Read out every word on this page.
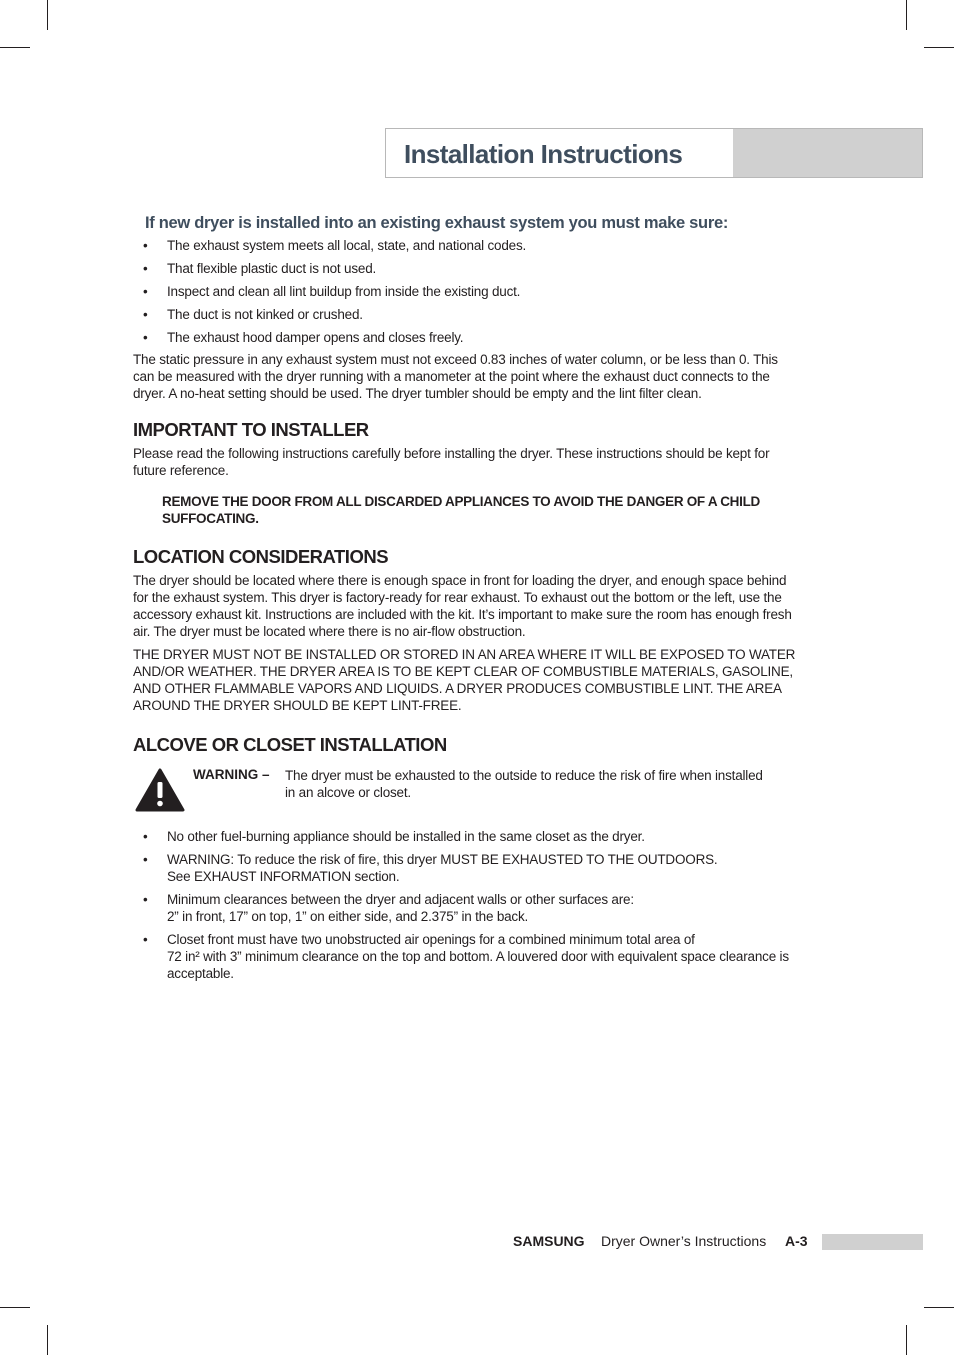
Installation Instructions
If new dryer is installed into an existing exhaust system you must make sure:
• The exhaust system meets all local, state, and national codes.
• That flexible plastic duct is not used.
• Inspect and clean all lint buildup from inside the existing duct.
• The duct is not kinked or crushed.
• The exhaust hood damper opens and closes freely.

The static pressure in any exhaust system must not exceed 0.83 inches of water column, or be less than 0. This can be measured with the dryer running with a manometer at the point where the exhaust duct connects to the dryer. A no-heat setting should be used. The dryer tumbler should be empty and the lint filter clean.

IMPORTANT TO INSTALLER

Please read the following instructions carefully before installing the dryer. These instructions should be kept for future reference.

REMOVE THE DOOR FROM ALL DISCARDED APPLIANCES TO AVOID THE DANGER OF A CHILD SUFFOCATING.
LOCATION CONSIDERATIONS

The dryer should be located where there is enough space in front for loading the dryer, and enough space behind for the exhaust system. This dryer is factory-ready for rear exhaust. To exhaust out the bottom or the left, use the accessory exhaust kit. Instructions are included with the kit. It’s important to make sure the room has enough fresh air. The dryer must be located where there is no air-flow obstruction.

THE DRYER MUST NOT BE INSTALLED OR STORED IN AN AREA WHERE IT WILL BE EXPOSED TO WATER AND/OR WEATHER. THE DRYER AREA IS TO BE KEPT CLEAR OF COMBUSTIBLE MATERIALS, GASOLINE, AND OTHER FLAMMABLE VAPORS AND LIQUIDS. A DRYER PRODUCES COMBUSTIBLE LINT. THE AREA AROUND THE DRYER SHOULD BE KEPT LINT-FREE.

ALCOVE OR CLOSET INSTALLATION
WARNING – The dryer must be exhausted to the outside to reduce the risk of fire when installed in an alcove or closet.
• No other fuel-burning appliance should be installed in the same closet as the dryer.
• WARNING: To reduce the risk of fire, this dryer MUST BE EXHAUSTED TO THE OUTDOORS.
See EXHAUST INFORMATION section.
• Minimum clearances between the dryer and adjacent walls or other surfaces are:
2” in front, 17” on top, 1” on either side, and 2.375” in the back.
• Closet front must have two unobstructed air openings for a combined minimum total area of
72 in² with 3” minimum clearance on the top and bottom. A louvered door with equivalent space clearance is acceptable.
SAMSUNG Dryer Owner’s Instructions A-3
